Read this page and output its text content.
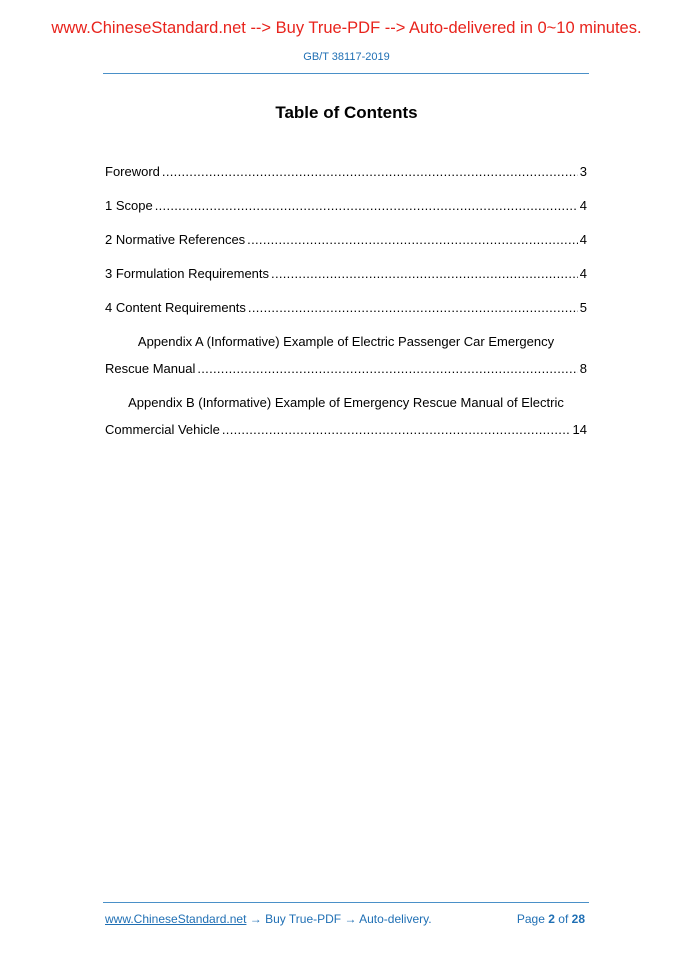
www.ChineseStandard.net --> Buy True-PDF --> Auto-delivered in 0~10 minutes.
GB/T 38117-2019
Table of Contents
Foreword .....	3
1 Scope .....	4
2 Normative References .....	4
3 Formulation Requirements .....	4
4 Content Requirements .....	5
Appendix A (Informative) Example of Electric Passenger Car Emergency
Rescue Manual .....	8
Appendix B (Informative) Example of Emergency Rescue Manual of Electric
Commercial Vehicle .....	14
www.ChineseStandard.net → Buy True-PDF → Auto-delivery.	Page 2 of 28
